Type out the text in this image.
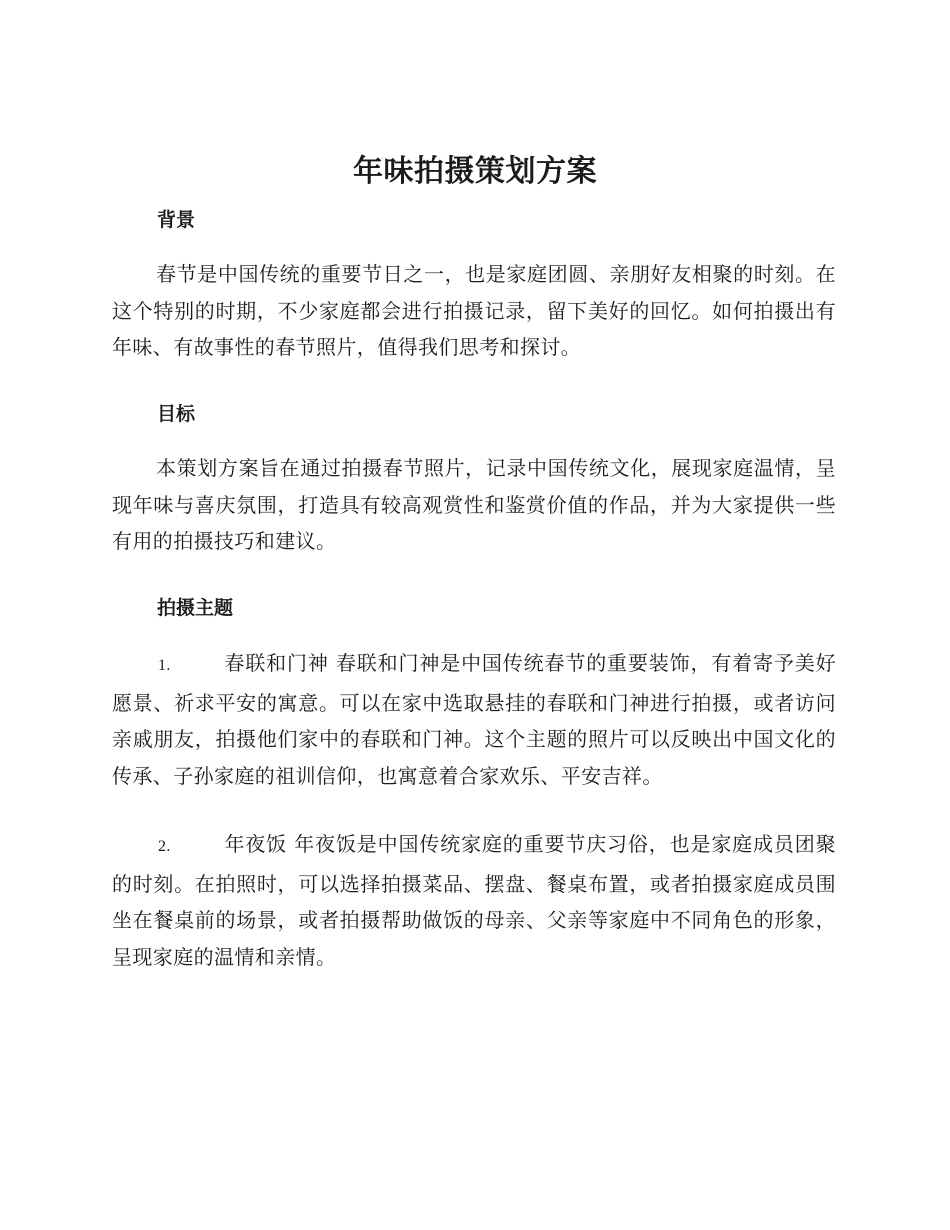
年味拍摄策划方案
背景

春节是中国传统的重要节日之一，也是家庭团圆、亲朋好友相聚的时刻。在这个特别的时期，不少家庭都会进行拍摄记录，留下美好的回忆。如何拍摄出有年味、有故事性的春节照片，值得我们思考和探讨。

目标

本策划方案旨在通过拍摄春节照片，记录中国传统文化，展现家庭温情，呈现年味与喜庆氛围，打造具有较高观赏性和鉴赏价值的作品，并为大家提供一些有用的拍摄技巧和建议。

拍摄主题

1.	春联和门神 春联和门神是中国传统春节的重要装饰，有着寄予美好愿景、祈求平安的寓意。可以在家中选取悬挂的春联和门神进行拍摄，或者访问亲戚朋友，拍摄他们家中的春联和门神。这个主题的照片可以反映出中国文化的传承、子孙家庭的祖训信仰，也寓意着合家欢乐、平安吉祥。

2.	年夜饭 年夜饭是中国传统家庭的重要节庆习俗，也是家庭成员团聚的时刻。在拍照时，可以选择拍摄菜品、摆盘、餐桌布置，或者拍摄家庭成员围坐在餐桌前的场景，或者拍摄帮助做饭的母亲、父亲等家庭中不同角色的形象，呈现家庭的温情和亲情。
